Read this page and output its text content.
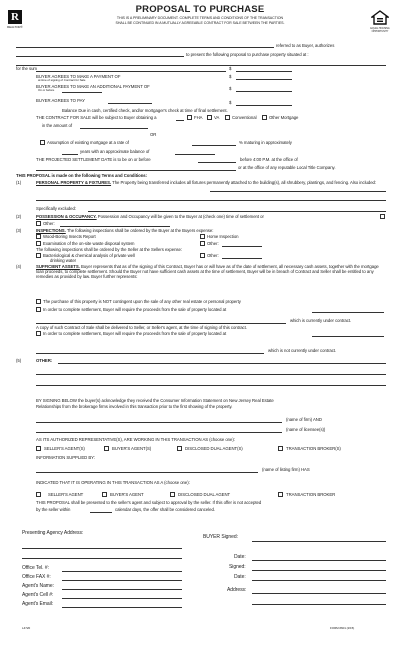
R
REALTOR®	EQUAL HOUSING OPPORTUNITY
PROPOSAL TO PURCHASE
THIS IS A PRELIMINARY DOCUMENT. COMPLETE TERMS AND CONDITIONS OF THE TRANSACTION
SHALL BE CONTINUED IN A MUTUALLY AGREEABLE CONTRACT FOR SALE BETWEEN THE PARTIES.
referred to as Buyer, authorizes
to present the following proposal to purchase property situated at :
for the sum	$
BUYER AGREES TO MAKE A PAYMENT OF
at time of signing of Contract for Sale
$
BUYER AGREES TO MAKE AN ADDITIONAL PAYMENT OF
On or before	$
BUYER AGREES TO PAY	$
Balance Due in cash, certified check, and/or mortgager's check at time of final settlement.
THE CONTRACT FOR SALE will be subject to Buyer obtaining a	FHA	VA	Conventional	Other Mortgage
in the amount of
OR
Assumption of existing mortgage at a rate of	% maturing in approximately
years with an approximate balance of
THE PROJECTED SETTLEMENT DATE is to be on or before	before 4:00 P.M. at the office of
or at the office of any reputable Local Title Company.
THIS PROPOSAL is made on the following Terms and Conditions:
(1)	PERSONAL PROPERTY & FIXTURES. The Property being transferred includes all fixtures permanently attached to the building(s), all shrubbery, plantings, and fencing. Also included:
Specifically excluded:
(2)	POSSESSION & OCCUPANCY. Possession and Occupancy will be given to the Buyer at (check one) time of settlement or
Other:
(3)	INSPECTIONS. The following inspections shall be ordered by the Buyer at the Buyers expense:
Wood-Boring Insects Report	Home Inspection
Examination of the on-site waste disposal system	Other:
The following inspections shall be ordered by the Seller at the Sellers expense:
Bacteriological & chemical analysis of private well
drinking water
Other:
(4)	SUFFICIENT ASSETS. Buyer represents that as of the signing of this Contract, Buyer has or will have as of the date of settlement, all necessary cash assets, together with the mortgage loan proceeds, to complete settlement. Should the Buyer not have sufficient cash assets at the time of settlement, Buyer will be in breach of Contract and Seller shall be entitled to any remedies as provided by law. Buyer further represents:
The purchase of this property is NOT contingent upon the sale of any other real estate or personal property
In order to complete settlement, Buyer will require the proceeds from the sale of property located at
which is currently under contract.
A copy of such Contract of Sale shall be delivered to Seller, or Seller's agent, at the time of signing of this contract.
In order to complete settlement, Buyer will require the proceeds from the sale of property located at
which is not currently under contract.
(5)	OTHER:
BY SIGNING BELOW the buyer(s) acknowledge they received the Consumer Information Statement on New Jersey Real Estate
Relationships from the brokerage firms involved in this transaction prior to the first showing of the property.
(name of firm) AND
(name of licensee(s))
AS ITS AUTHORIZED REPRESENTATIVE(S), ARE WORKING IN THIS TRANSACTION AS (choose one):
SELLER'S AGENT(S)	BUYER'S AGENT(S)	DISCLOSED DUAL AGENT(S)	TRANSACTION BROKER(S)
INFORMATION SUPPLIED BY:
(name of listing firm) HAS
INDICATED THAT IT IS OPERATING IN THIS TRANSACTION AS A (choose one):
SELLER'S AGENT	BUYER'S AGENT	DISCLOSED DUAL AGENT	TRANSACTION BROKER
THIS PROPOSAL shall be presented to the seller's agent and subject to approval by the seller. If this offer is not accepted
by the seller within	calendar days, the offer shall be considered canceled.
Presenting Agency Address:
BUYER Signed:
Date:
Office Tel. #:	Signed:
Office FAX #:	Date:
Agent's Name:
Address:
Agent's Cell #:
Agent's Email:
L4720	FORM #601 (2/15)
